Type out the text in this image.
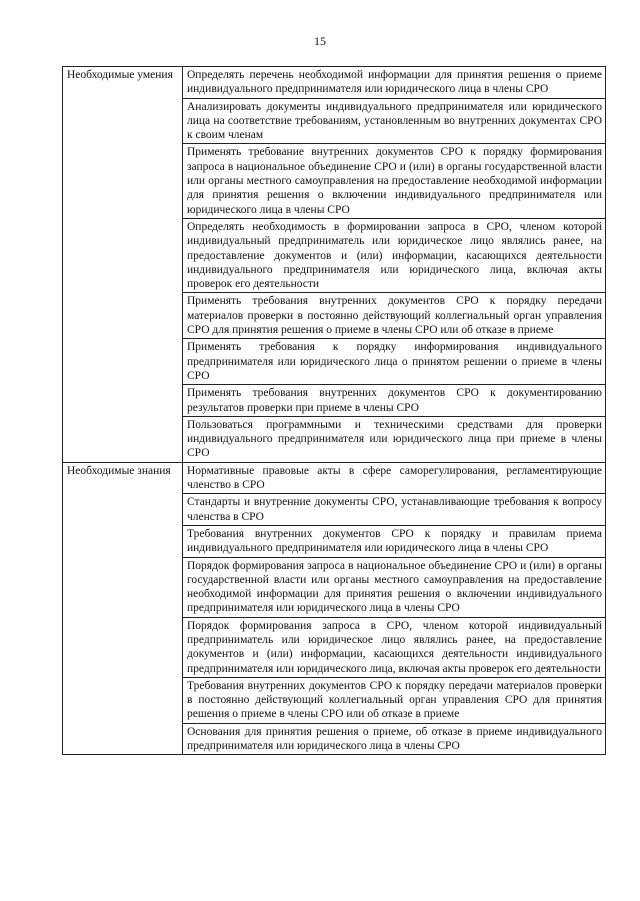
15
Необходимые умения	Определять перечень необходимой информации для принятия решения о приеме индивидуального предпринимателя или юридического лица в члены СРО
	Анализировать документы индивидуального предпринимателя или юридического лица на соответствие требованиям, установленным во внутренних документах СРО к своим членам
	Применять требование внутренних документов СРО к порядку формирования запроса в национальное объединение СРО и (или) в органы государственной власти или органы местного самоуправления на предоставление необходимой информации для принятия решения о включении индивидуального предпринимателя или юридического лица в члены СРО
	Определять необходимость в формировании запроса в СРО, членом которой индивидуальный предприниматель или юридическое лицо являлись ранее, на предоставление документов и (или) информации, касающихся деятельности индивидуального предпринимателя или юридического лица, включая акты проверок его деятельности
	Применять требования внутренних документов СРО к порядку передачи материалов проверки в постоянно действующий коллегиальный орган управления СРО для принятия решения о приеме в члены СРО или об отказе в приеме
	Применять требования к порядку информирования индивидуального предпринимателя или юридического лица о принятом решении о приеме в члены СРО
	Применять требования внутренних документов СРО к документированию результатов проверки при приеме в члены СРО
	Пользоваться программными и техническими средствами для проверки индивидуального предпринимателя или юридического лица при приеме в члены СРО
Необходимые знания	Нормативные правовые акты в сфере саморегулирования, регламентирующие членство в СРО
	Стандарты и внутренние документы СРО, устанавливающие требования к вопросу членства в СРО
	Требования внутренних документов СРО к порядку и правилам приема индивидуального предпринимателя или юридического лица в члены СРО
	Порядок формирования запроса в национальное объединение СРО и (или) в органы государственной власти или органы местного самоуправления на предоставление необходимой информации для принятия решения о включении индивидуального предпринимателя или юридического лица в члены СРО
	Порядок формирования запроса в СРО, членом которой индивидуальный предприниматель или юридическое лицо являлись ранее, на предоставление документов и (или) информации, касающихся деятельности индивидуального предпринимателя или юридического лица, включая акты проверок его деятельности
	Требования внутренних документов СРО к порядку передачи материалов проверки в постоянно действующий коллегиальный орган управления СРО для принятия решения о приеме в члены СРО или об отказе в приеме
	Основания для принятия решения о приеме, об отказе в приеме индивидуального предпринимателя или юридического лица в члены СРО
